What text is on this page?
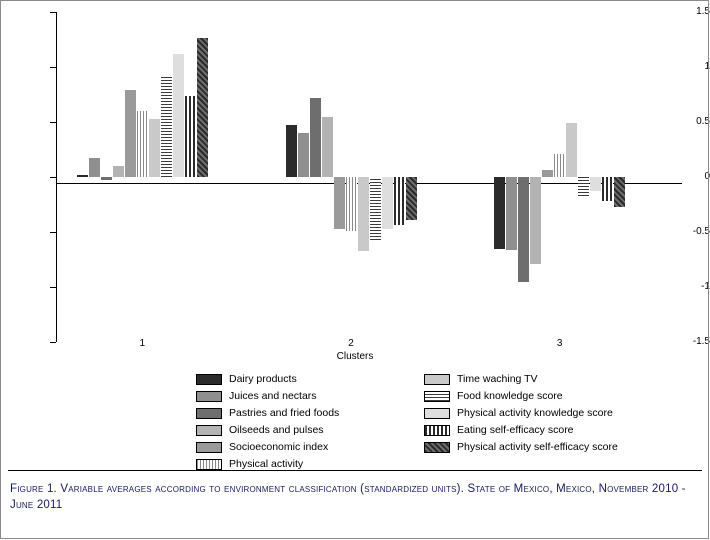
1.5
1
0.5
0
-0.5
-1
-1.5
1	2	3
Clusters
Dairy products
Juices and nectars
Pastries and fried foods
Oilseeds and pulses
Socioeconomic index
Physical activity
Time waching TV
Food knowledge score
Physical activity knowledge score
Eating self-efficacy score
Physical activity self-efficacy score
Figure 1. Variable averages according to environment classification (standardized units). State of Mexico, Mexico, November 2010 - June 2011
